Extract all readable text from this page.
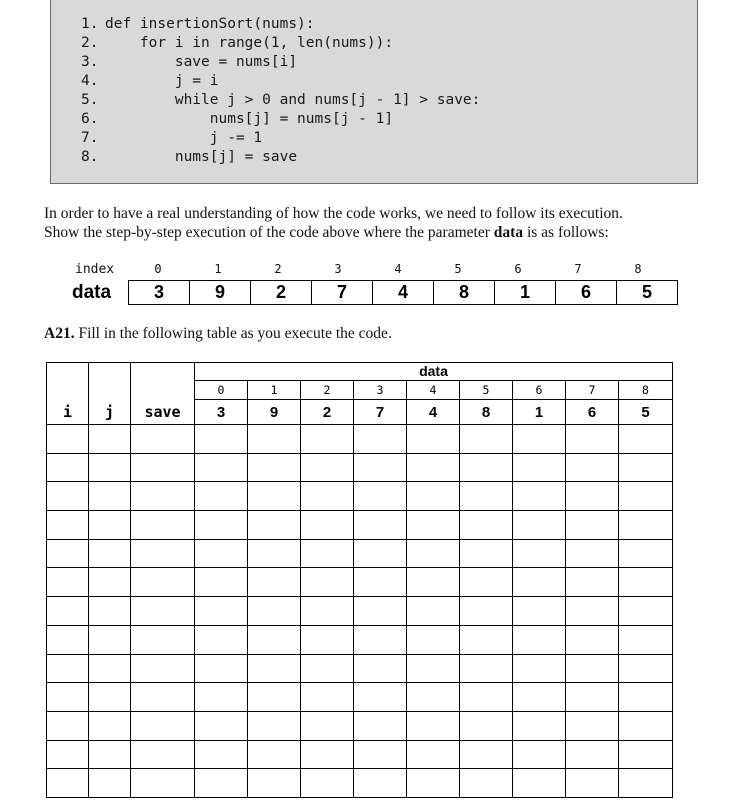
1. def insertionSort(nums):
2.    for i in range(1, len(nums)):
3.        save = nums[i]
4.        j = i
5.        while j > 0 and nums[j - 1] > save:
6.            nums[j] = nums[j - 1]
7.            j -= 1
8.        nums[j] = save
In order to have a real understanding of how the code works, we need to follow its execution.
Show the step-by-step execution of the code above where the parameter data is as follows:
index	0	1	2	3	4	5	6	7	8
data 3	9	2	7	4	8	1	6	5
A21. Fill in the following table as you execute the code.
i	j	save	data								
			0	1	2	3	4	5	6	7	8
			3	9	2	7	4	8	1	6	5
